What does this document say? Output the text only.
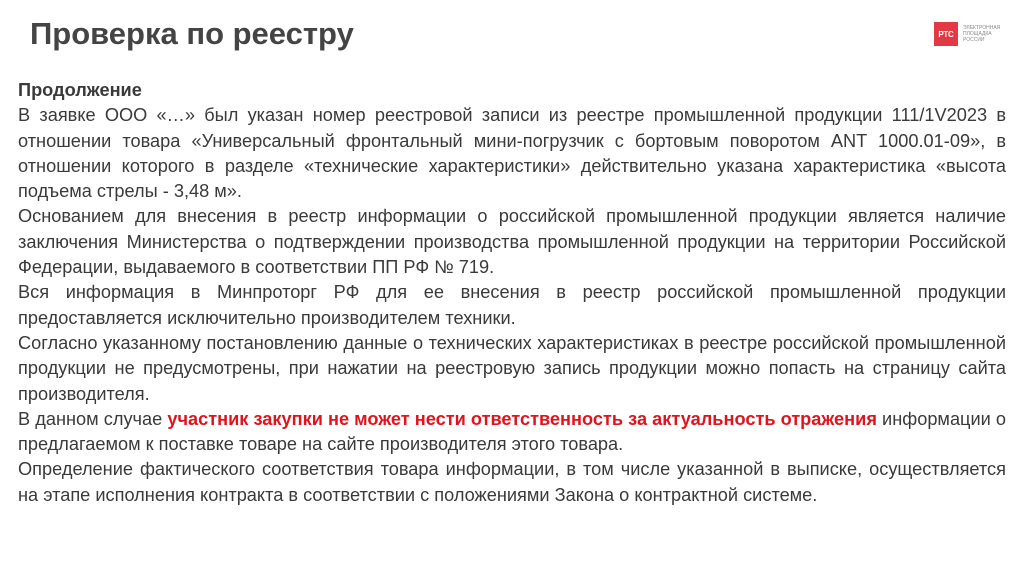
Проверка по реестру	РТС
ЭЛЕКТРОННАЯ
ПЛОЩАДКА
РОССИИ

Продолжение

В заявке ООО «…» был указан номер реестровой записи из реестре промышленной продукции 111/1V2023 в отношении товара «Универсальный фронтальный мини-погрузчик с бортовым поворотом ANT 1000.01-09», в отношении которого в разделе «технические характеристики» действительно указана характеристика «высота подъема стрелы - 3,48 м».

Основанием для внесения в реестр информации о российской промышленной продукции является наличие заключения Министерства о подтверждении производства промышленной продукции на территории Российской Федерации, выдаваемого в соответствии ПП РФ № 719.

Вся информация в Минпроторг РФ для ее внесения в реестр российской промышленной продукции предоставляется исключительно производителем техники.

Согласно указанному постановлению данные о технических характеристиках в реестре российской промышленной продукции не предусмотрены, при нажатии на реестровую запись продукции можно попасть на страницу сайта производителя.

В данном случае участник закупки не может нести ответственность за актуальность отражения информации о предлагаемом к поставке товаре на сайте производителя этого товара.

Определение фактического соответствия товара информации, в том числе указанной в выписке, осуществляется на этапе исполнения контракта в соответствии с положениями Закона о контрактной системе.
